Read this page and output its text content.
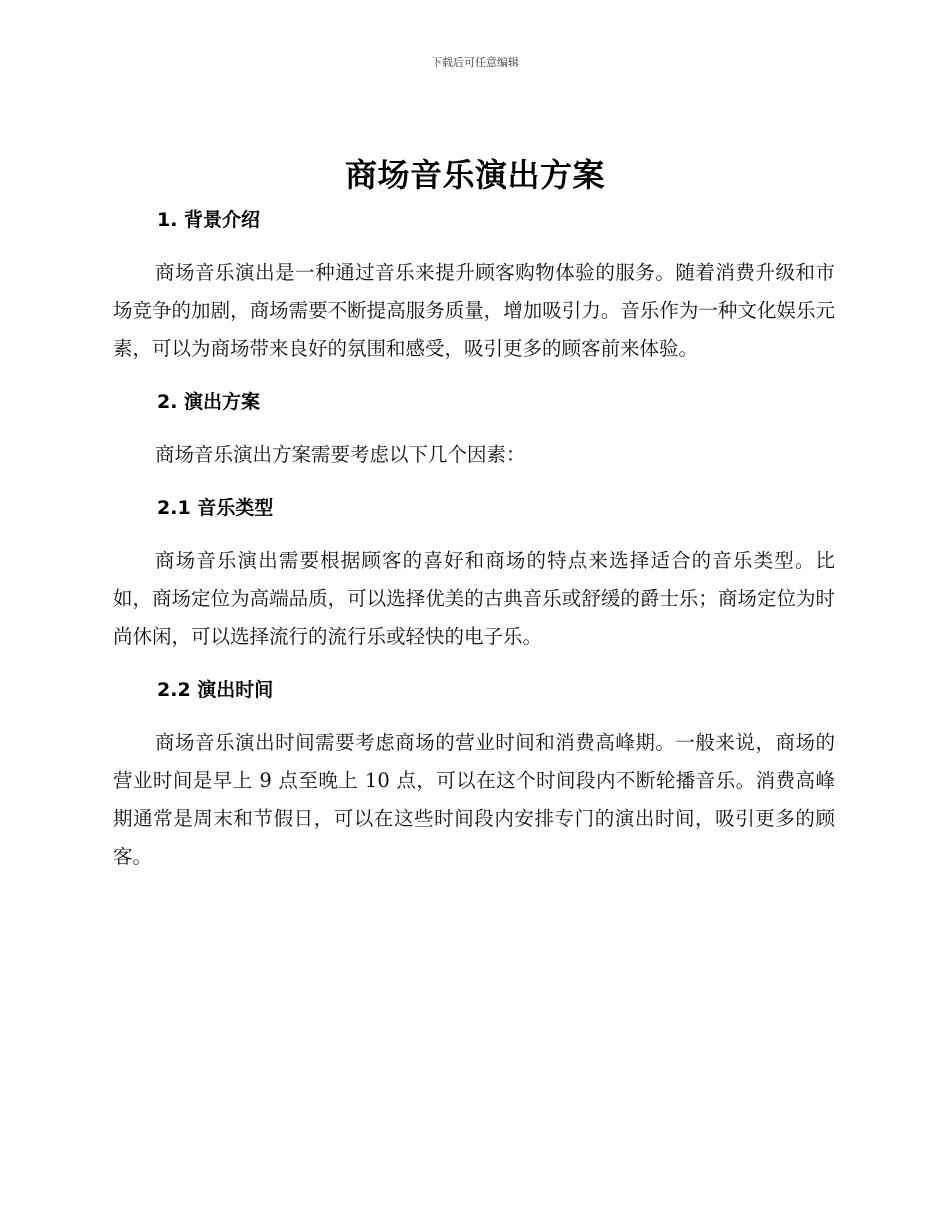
下载后可任意编辑
商场音乐演出方案
1. 背景介绍

商场音乐演出是一种通过音乐来提升顾客购物体验的服务。随着消费升级和市场竞争的加剧，商场需要不断提高服务质量，增加吸引力。音乐作为一种文化娱乐元素，可以为商场带来良好的氛围和感受，吸引更多的顾客前来体验。

2. 演出方案

商场音乐演出方案需要考虑以下几个因素：

2.1 音乐类型

商场音乐演出需要根据顾客的喜好和商场的特点来选择适合的音乐类型。比如，商场定位为高端品质，可以选择优美的古典音乐或舒缓的爵士乐；商场定位为时尚休闲，可以选择流行的流行乐或轻快的电子乐。

2.2 演出时间

商场音乐演出时间需要考虑商场的营业时间和消费高峰期。一般来说，商场的营业时间是早上 9 点至晚上 10 点，可以在这个时间段内不断轮播音乐。消费高峰期通常是周末和节假日，可以在这些时间段内安排专门的演出时间，吸引更多的顾客。
